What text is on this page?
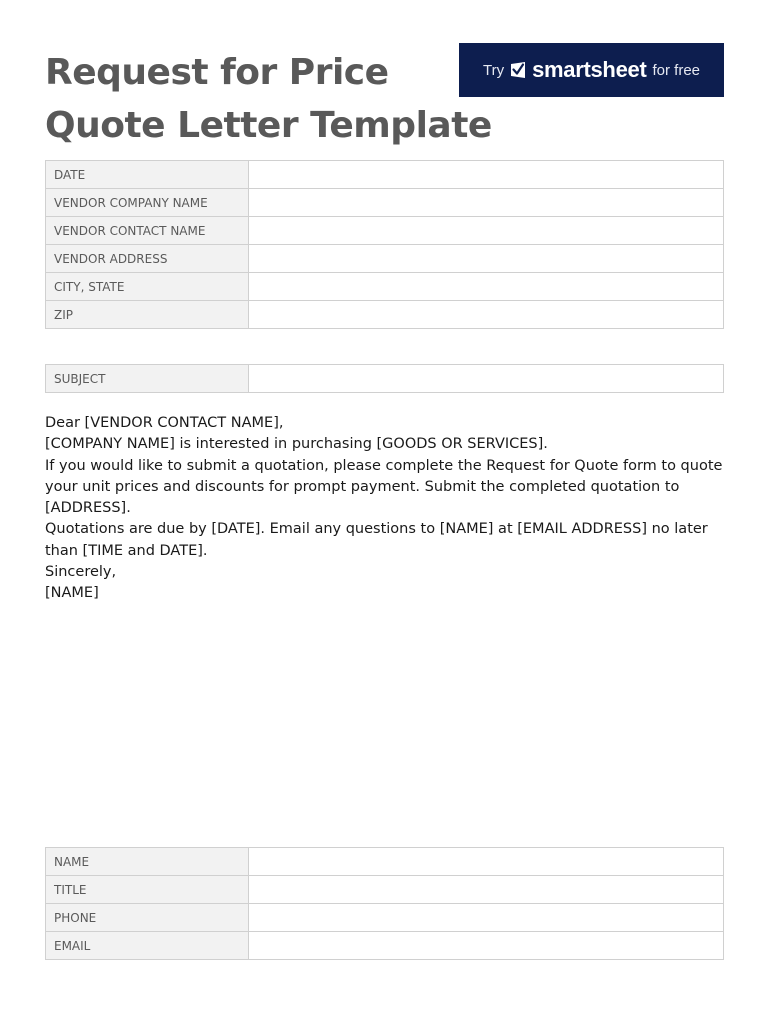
Request for Price
Quote Letter Template
Try smartsheet for free
DATE	
VENDOR COMPANY NAME	
VENDOR CONTACT NAME	
VENDOR ADDRESS	
CITY, STATE	
ZIP	
SUBJECT	

Dear [VENDOR CONTACT NAME],

[COMPANY NAME] is interested in purchasing [GOODS OR SERVICES].

If you would like to submit a quotation, please complete the Request for Quote form to quote your unit prices and discounts for prompt payment. Submit the completed quotation to [ADDRESS].

Quotations are due by [DATE]. Email any questions to [NAME] at [EMAIL ADDRESS] no later than [TIME and DATE].

Sincerely,

[NAME]

NAME	
TITLE	
PHONE	
EMAIL	
